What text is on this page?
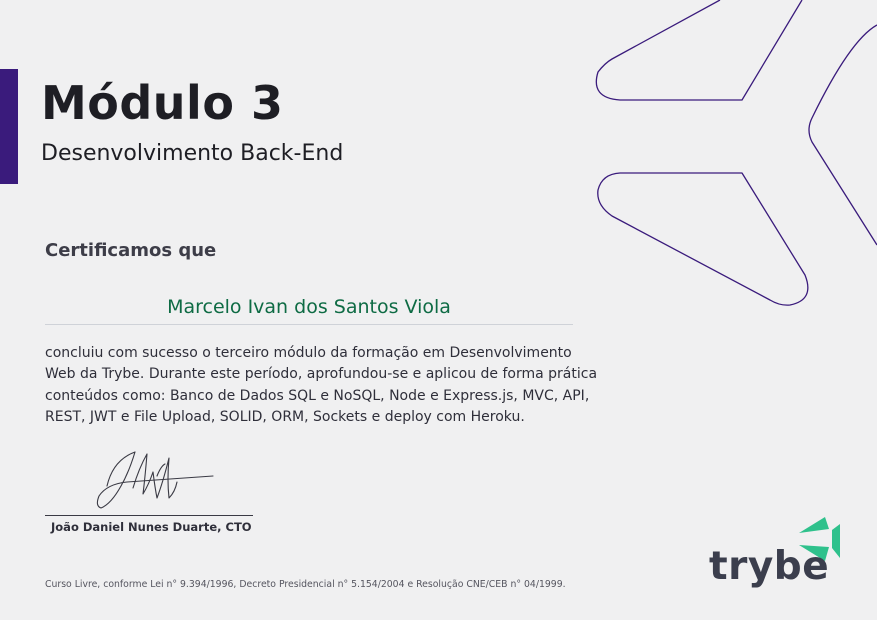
Módulo 3
Desenvolvimento Back-End
Certificamos que
Marcelo Ivan dos Santos Viola
concluiu com sucesso o terceiro módulo da formação em Desenvolvimento
Web da Trybe. Durante este período, aprofundou-se e aplicou de forma prática
conteúdos como: Banco de Dados SQL e NoSQL, Node e Express.js, MVC, API,
REST, JWT e File Upload, SOLID, ORM, Sockets e deploy com Heroku.
João Daniel Nunes Duarte, CTO
Curso Livre, conforme Lei n° 9.394/1996, Decreto Presidencial n° 5.154/2004 e Resolução CNE/CEB n° 04/1999.	trybe
